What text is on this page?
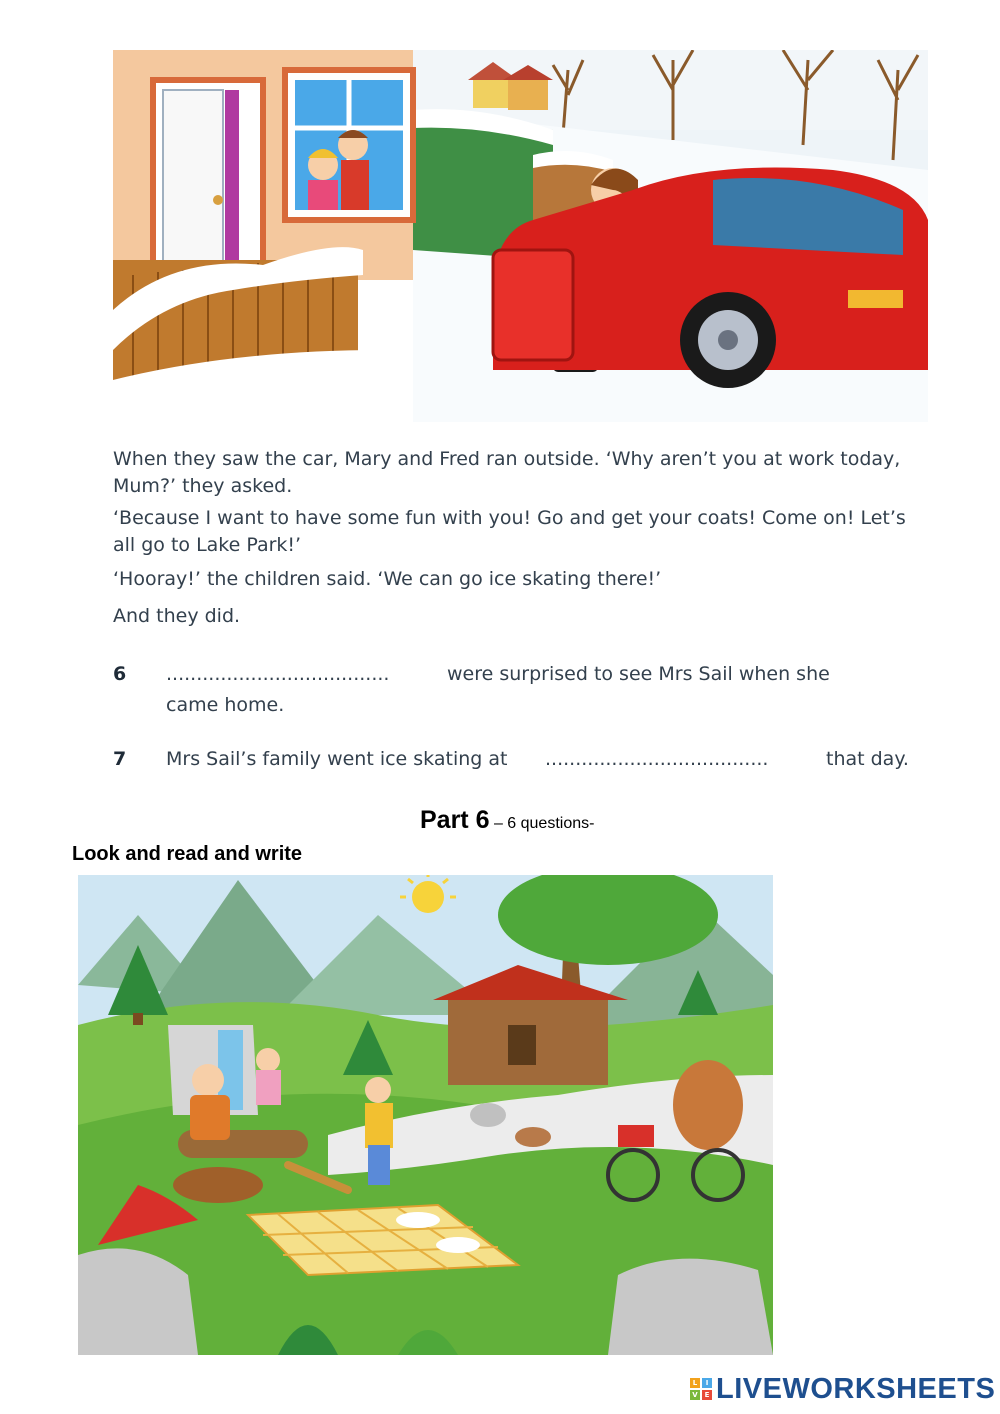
When they saw the car, Mary and Fred ran outside. ‘Why aren’t you at work today, Mum?’ they asked.

‘Because I want to have some fun with you! Go and get your coats! Come on! Let’s all go to Lake Park!’

‘Hooray!’ the children said. ‘We can go ice skating there!’

And they did.

6 .....................................	were surprised to see Mrs Sail when she
came home.
7 Mrs Sail’s family went ice skating at .....................................	that day.
Part 6 – 6 questions-
Look and read and write
L	I
V E LIVEWORKSHEETS
